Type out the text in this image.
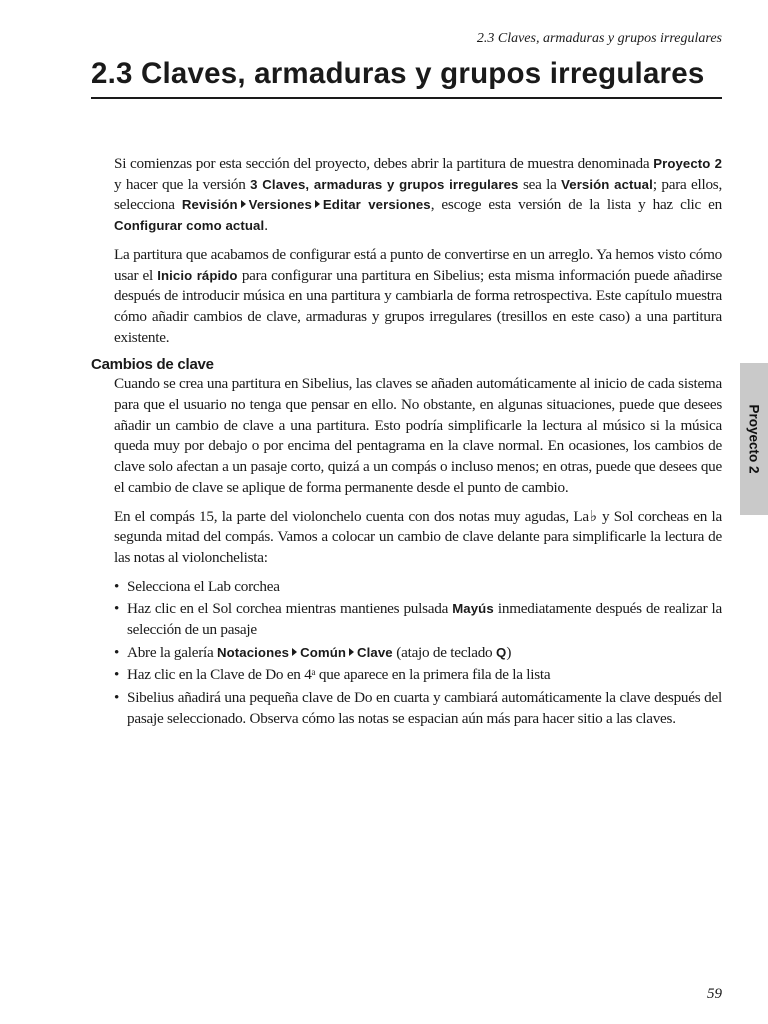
2.3 Claves, armaduras y grupos irregulares
2.3 Claves, armaduras y grupos irregulares

Si comienzas por esta sección del proyecto, debes abrir la partitura de muestra denominada Proyecto 2 y hacer que la versión 3 Claves, armaduras y grupos irregulares sea la Versión actual; para ellos, selecciona Revisión Versiones Editar versiones, escoge esta versión de la lista y haz clic en Configurar como actual.

La partitura que acabamos de configurar está a punto de convertirse en un arreglo. Ya hemos visto cómo usar el Inicio rápido para configurar una partitura en Sibelius; esta misma información puede añadirse después de introducir música en una partitura y cambiarla de forma retrospectiva. Este capítulo muestra cómo añadir cambios de clave, armaduras y grupos irregulares (tresillos en este caso) a una partitura existente.

Cambios de clave

Cuando se crea una partitura en Sibelius, las claves se añaden automáticamente al inicio de cada sistema para que el usuario no tenga que pensar en ello. No obstante, en algunas situaciones, puede que desees añadir un cambio de clave a una partitura. Esto podría simplificarle la lectura al músico si la música queda muy por debajo o por encima del pentagrama en la clave normal. En ocasiones, los cambios de clave solo afectan a un pasaje corto, quizá a un compás o incluso menos; en otras, puede que desees que el cambio de clave se aplique de forma permanente desde el punto de cambio.

En el compás 15, la parte del violonchelo cuenta con dos notas muy agudas, La♭ y Sol corcheas en la segunda mitad del compás. Vamos a colocar un cambio de clave delante para simplificarle la lectura de las notas al violonchelista:

• Selecciona el Lab corchea
• Haz clic en el Sol corchea mientras mantienes pulsada Mayús inmediatamente después de realizar la selección de un pasaje
• Abre la galería Notaciones Común Clave (atajo de teclado Q)
• Haz clic en la Clave de Do en 4$^a$ que aparece en la primera fila de la lista
• Sibelius añadirá una pequeña clave de Do en cuarta y cambiará automáticamente la clave después del pasaje seleccionado. Observa cómo las notas se espacian aún más para hacer sitio a las claves.
Proyecto 2
59
